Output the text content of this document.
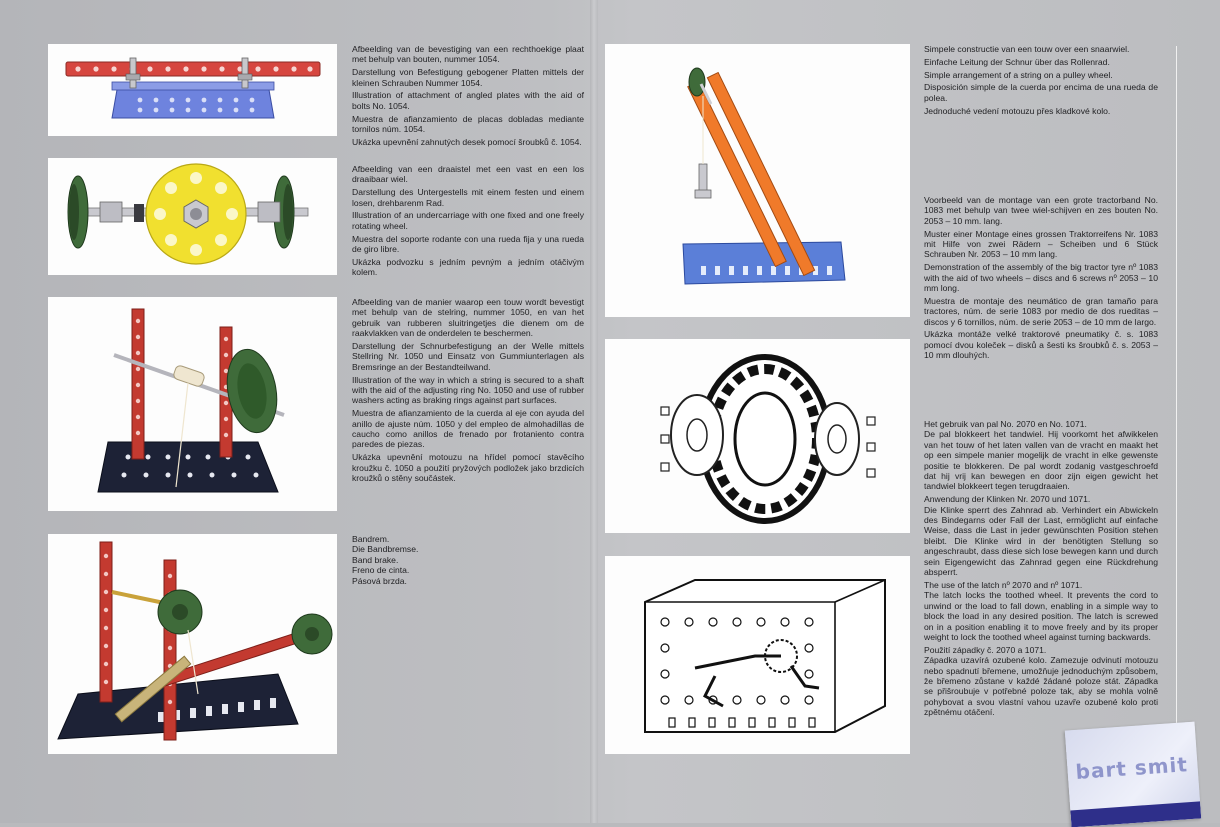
Afbeelding van de bevestiging van een rechthoekige plaat met behulp van bouten, nummer 1054.

Darstellung von Befestigung gebogener Platten mittels der kleinen Schrauben Nummer 1054.

Illustration of attachment of angled plates with the aid of bolts No. 1054.

Muestra de afianzamiento de placas dobladas mediante tornilos núm. 1054.

Ukázka upevnění zahnutých desek pomocí šroubků č. 1054.

Afbeelding van een draaistel met een vast en een los draaibaar wiel.

Darstellung des Untergestells mit einem festen und einem losen, drehbarenm Rad.

Illustration of an undercarriage with one fixed and one freely rotating wheel.

Muestra del soporte rodante con una rueda fija y una rueda de giro libre.

Ukázka podvozku s jedním pevným a jedním otáčivým kolem.

Afbeelding van de manier waarop een touw wordt bevestigt met behulp van de stelring, nummer 1050, en van het gebruik van rubberen sluitringetjes die dienem om de raakvlakken van de onderdelen te beschermen.

Darstellung der Schnurbefestigung an der Welle mittels Stellring Nr. 1050 und Einsatz von Gummiunterlagen als Bremsringe an der Bestandteilwand.

Illustration of the way in which a string is secured to a shaft with the aid of the adjusting ring No. 1050 and use of rubber washers acting as braking rings against part surfaces.

Muestra de afianzamiento de la cuerda al eje con ayuda del anillo de ajuste núm. 1050 y del empleo de almohadillas de caucho como anillos de frenado por frotaniento contra paredes de piezas.

Ukázka upevnění motouzu na hřídel pomocí stavěcího kroužku č. 1050 a použití pryžových podložek jako brzdicích kroužků o stěny součástek.

Bandrem.

Die Bandbremse.

Band brake.

Freno de cinta.

Pásová brzda.

Simpele constructie van een touw over een snaarwiel.

Einfache Leitung der Schnur über das Rollenrad.

Simple arrangement of a string on a pulley wheel.

Disposición simple de la cuerda por encima de una rueda de polea.

Jednoduché vedení motouzu přes kladkové kolo.

Voorbeeld van de montage van een grote tractorband No. 1083 met behulp van twee wiel-schijven en zes bouten No. 2053 – 10 mm. lang.

Muster einer Montage eines grossen Traktorreifens Nr. 1083 mit Hilfe von zwei Rädern – Scheiben und 6 Stück Schrauben Nr. 2053 – 10 mm lang.

Demonstration of the assembly of the big tractor tyre nº 1083 with the aid of two wheels – discs and 6 screws nº 2053 – 10 mm long.

Muestra de montaje des neumático de gran tamaño para tractores, núm. de serie 1083 por medio de dos rueditas – discos y 6 tornillos, núm. de serie 2053 – de 10 mm de largo.

Ukázka montáže velké traktorové pneumatiky č. s. 1083 pomocí dvou koleček – disků a šesti ks šroubků č. s. 2053 – 10 mm dlouhých.

Het gebruik van pal No. 2070 en No. 1071.

De pal blokkeert het tandwiel. Hij voorkomt het afwikkelen van het touw of het laten vallen van de vracht en maakt het op een simpele manier mogelijk de vracht in elke gewenste positie te blokkeren. De pal wordt zodanig vastgeschroefd dat hij vrij kan bewegen en door zijn eigen gewicht het tandwiel blokkeert tegen terugdraaien.

Anwendung der Klinken Nr. 2070 und 1071.

Die Klinke sperrt des Zahnrad ab. Verhindert ein Abwickeln des Bindegarns oder Fall der Last, ermöglicht auf einfache Weise, dass die Last in jeder gewünschten Position stehen bleibt. Die Klinke wird in der benötigten Stellung so angeschraubt, dass diese sich lose bewegen kann und durch sein Eigengewicht das Zahnrad gegen eine Rückdrehung absperrt.

The use of the latch nº 2070 and nº 1071.

The latch locks the toothed wheel. It prevents the cord to unwind or the load to fall down, enabling in a simple way to block the load in any desired position. The latch is screwed on in a position enabling it to move freely and by its proper weight to lock the toothed wheel against turning backwards.

Použití západky č. 2070 a 1071.

Západka uzavírá ozubené kolo. Zamezuje odvinutí motouzu nebo spadnutí břemene, umožňuje jednoduchým způsobem, že břemeno zůstane v každé žádané poloze stát. Západka se přišroubuje v potřebné poloze tak, aby se mohla volně pohybovat a svou vlastní vahou uzavře ozubené kolo proti zpětnému otáčení.

bart smit
